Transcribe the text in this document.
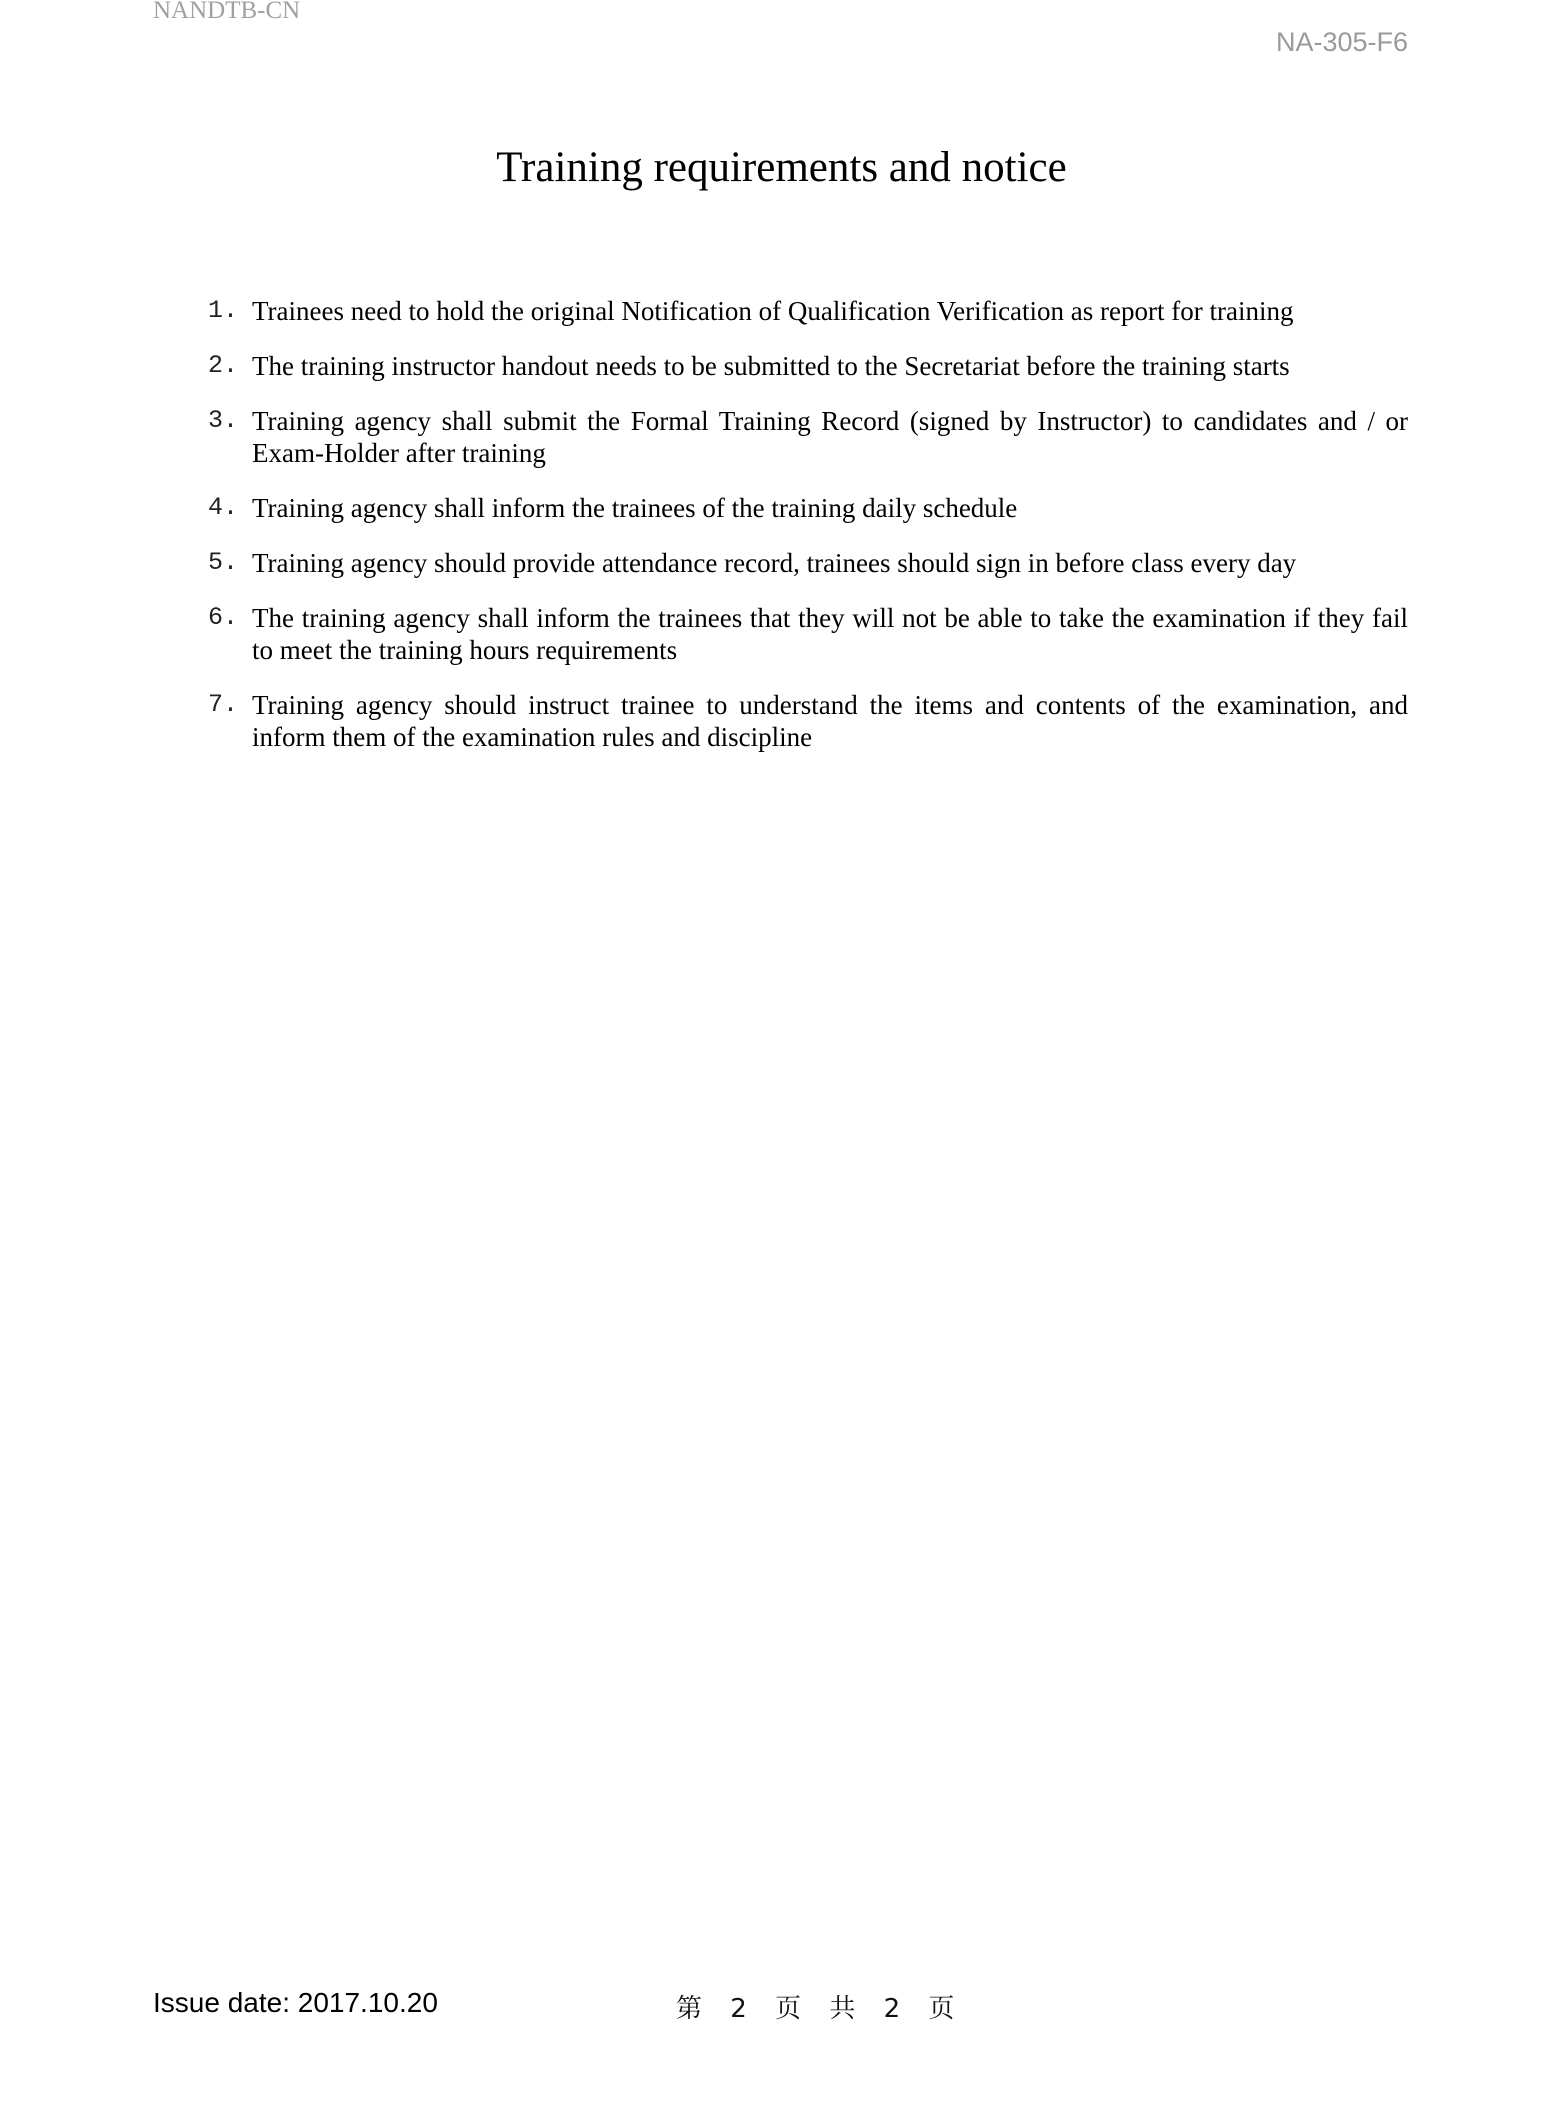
NANDTB-CN
NA-305-F6
Training requirements and notice
1. Trainees need to hold the original Notification of Qualification Verification as report for training
2. The training instructor handout needs to be submitted to the Secretariat before the training starts
3. Training agency shall submit the Formal Training Record (signed by Instructor) to candidates and / or Exam-Holder after training
4. Training agency shall inform the trainees of the training daily schedule
5. Training agency should provide attendance record, trainees should sign in before class every day
6. The training agency shall inform the trainees that they will not be able to take the examination if they fail to meet the training hours requirements
7. Training agency should instruct trainee to understand the items and contents of the examination, and inform them of the examination rules and discipline
Issue date: 2017.10.20	第 2 页 共 2 页
